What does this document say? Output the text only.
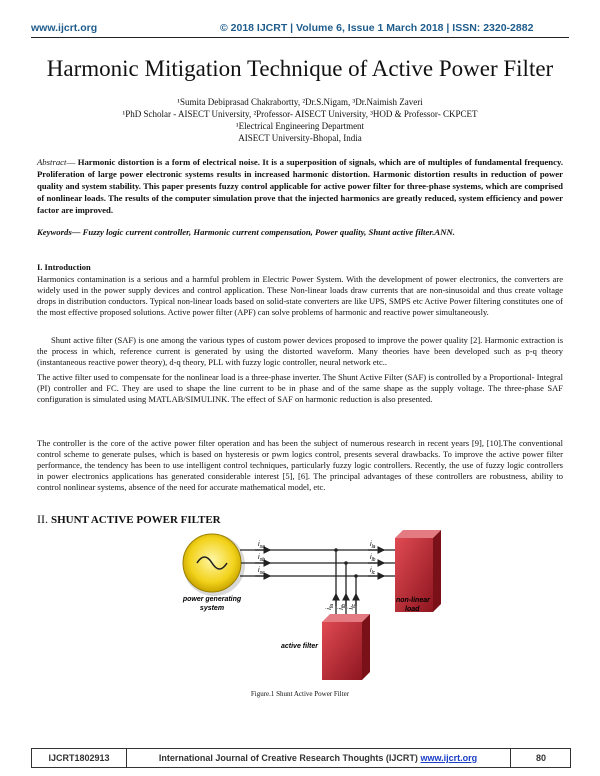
www.ijcrt.org	© 2018 IJCRT | Volume 6, Issue 1 March 2018 | ISSN: 2320-2882
Harmonic Mitigation Technique of Active Power Filter
¹Sumita Debiprasad Chakrabortty, ²Dr.S.Nigam, ³Dr.Naimish Zaveri
¹PhD Scholar - AISECT University, ²Professor- AISECT University, ³HOD & Professor- CKPCET
¹Electrical Engineering Department
AISECT University-Bhopal, India
Abstract— Harmonic distortion is a form of electrical noise. It is a superposition of signals, which are of multiples of fundamental frequency. Proliferation of large power electronic systems results in increased harmonic distortion. Harmonic distortion results in reduction of power quality and system stability. This paper presents fuzzy control applicable for active power filter for three-phase systems, which are comprised of nonlinear loads. The results of the computer simulation prove that the injected harmonics are greatly reduced, system efficiency and power factor are improved.
Keywords— Fuzzy logic current controller, Harmonic current compensation, Power quality, Shunt active filter.ANN.
I. Introduction
Harmonics contamination is a serious and a harmful problem in Electric Power System. With the development of power electronics, the converters are widely used in the power supply devices and control application. These Non-linear loads draw currents that are non-sinusoidal and thus create voltage drops in distribution conductors. Typical non-linear loads based on solid-state converters are like UPS, SMPS etc Active Power filtering constitutes one of the most effective proposed solutions. Active power filter (APF) can solve problems of harmonic and reactive power simultaneously.
Shunt active filter (SAF) is one among the various types of custom power devices proposed to improve the power quality [2]. Harmonic extraction is the process in which, reference current is generated by using the distorted waveform. Many theories have been developed such as p-q theory (instantaneous reactive power theory), d-q theory, PLL with fuzzy logic controller, neural network etc..
The active filter used to compensate for the nonlinear load is a three-phase inverter. The Shunt Active Filter (SAF) is controlled by a Proportional- Integral (PI) controller and FC. They are used to shape the line current to be in phase and of the same shape as the supply voltage. The three-phase SAF configuration is simulated using MATLAB/SIMULINK. The effect of SAF on harmonic reduction is also presented.
The controller is the core of the active power filter operation and has been the subject of numerous research in recent years [9], [10].The conventional control scheme to generate pulses, which is based on hysteresis or pwm logics control, presents several drawbacks. To improve the active power filter performance, the tendency has been to use intelligent control techniques, particularly fuzzy logic controllers. Recently, the use of fuzzy logic controllers in power electronics applications has generated considerable interest [5], [6]. The principal advantages of these controllers are robustness, ability to control nonlinear systems, absence of the need for accurate mathematical model, etc.
II. SHUNT ACTIVE POWER FILTER
power generating
system
$i_{sa}$
$i_{sb}$
$i_{sc}$
$i_{la}$
$i_{lb}$
$i_{lc}$
$i_{fa}$
$i_{fb}$
$i_{fc}$
non-linear
load
active filter
Figure.1 Shunt Active Power Filter
IJCRT1802913	International Journal of Creative Research Thoughts (IJCRT) www.ijcrt.org	80
